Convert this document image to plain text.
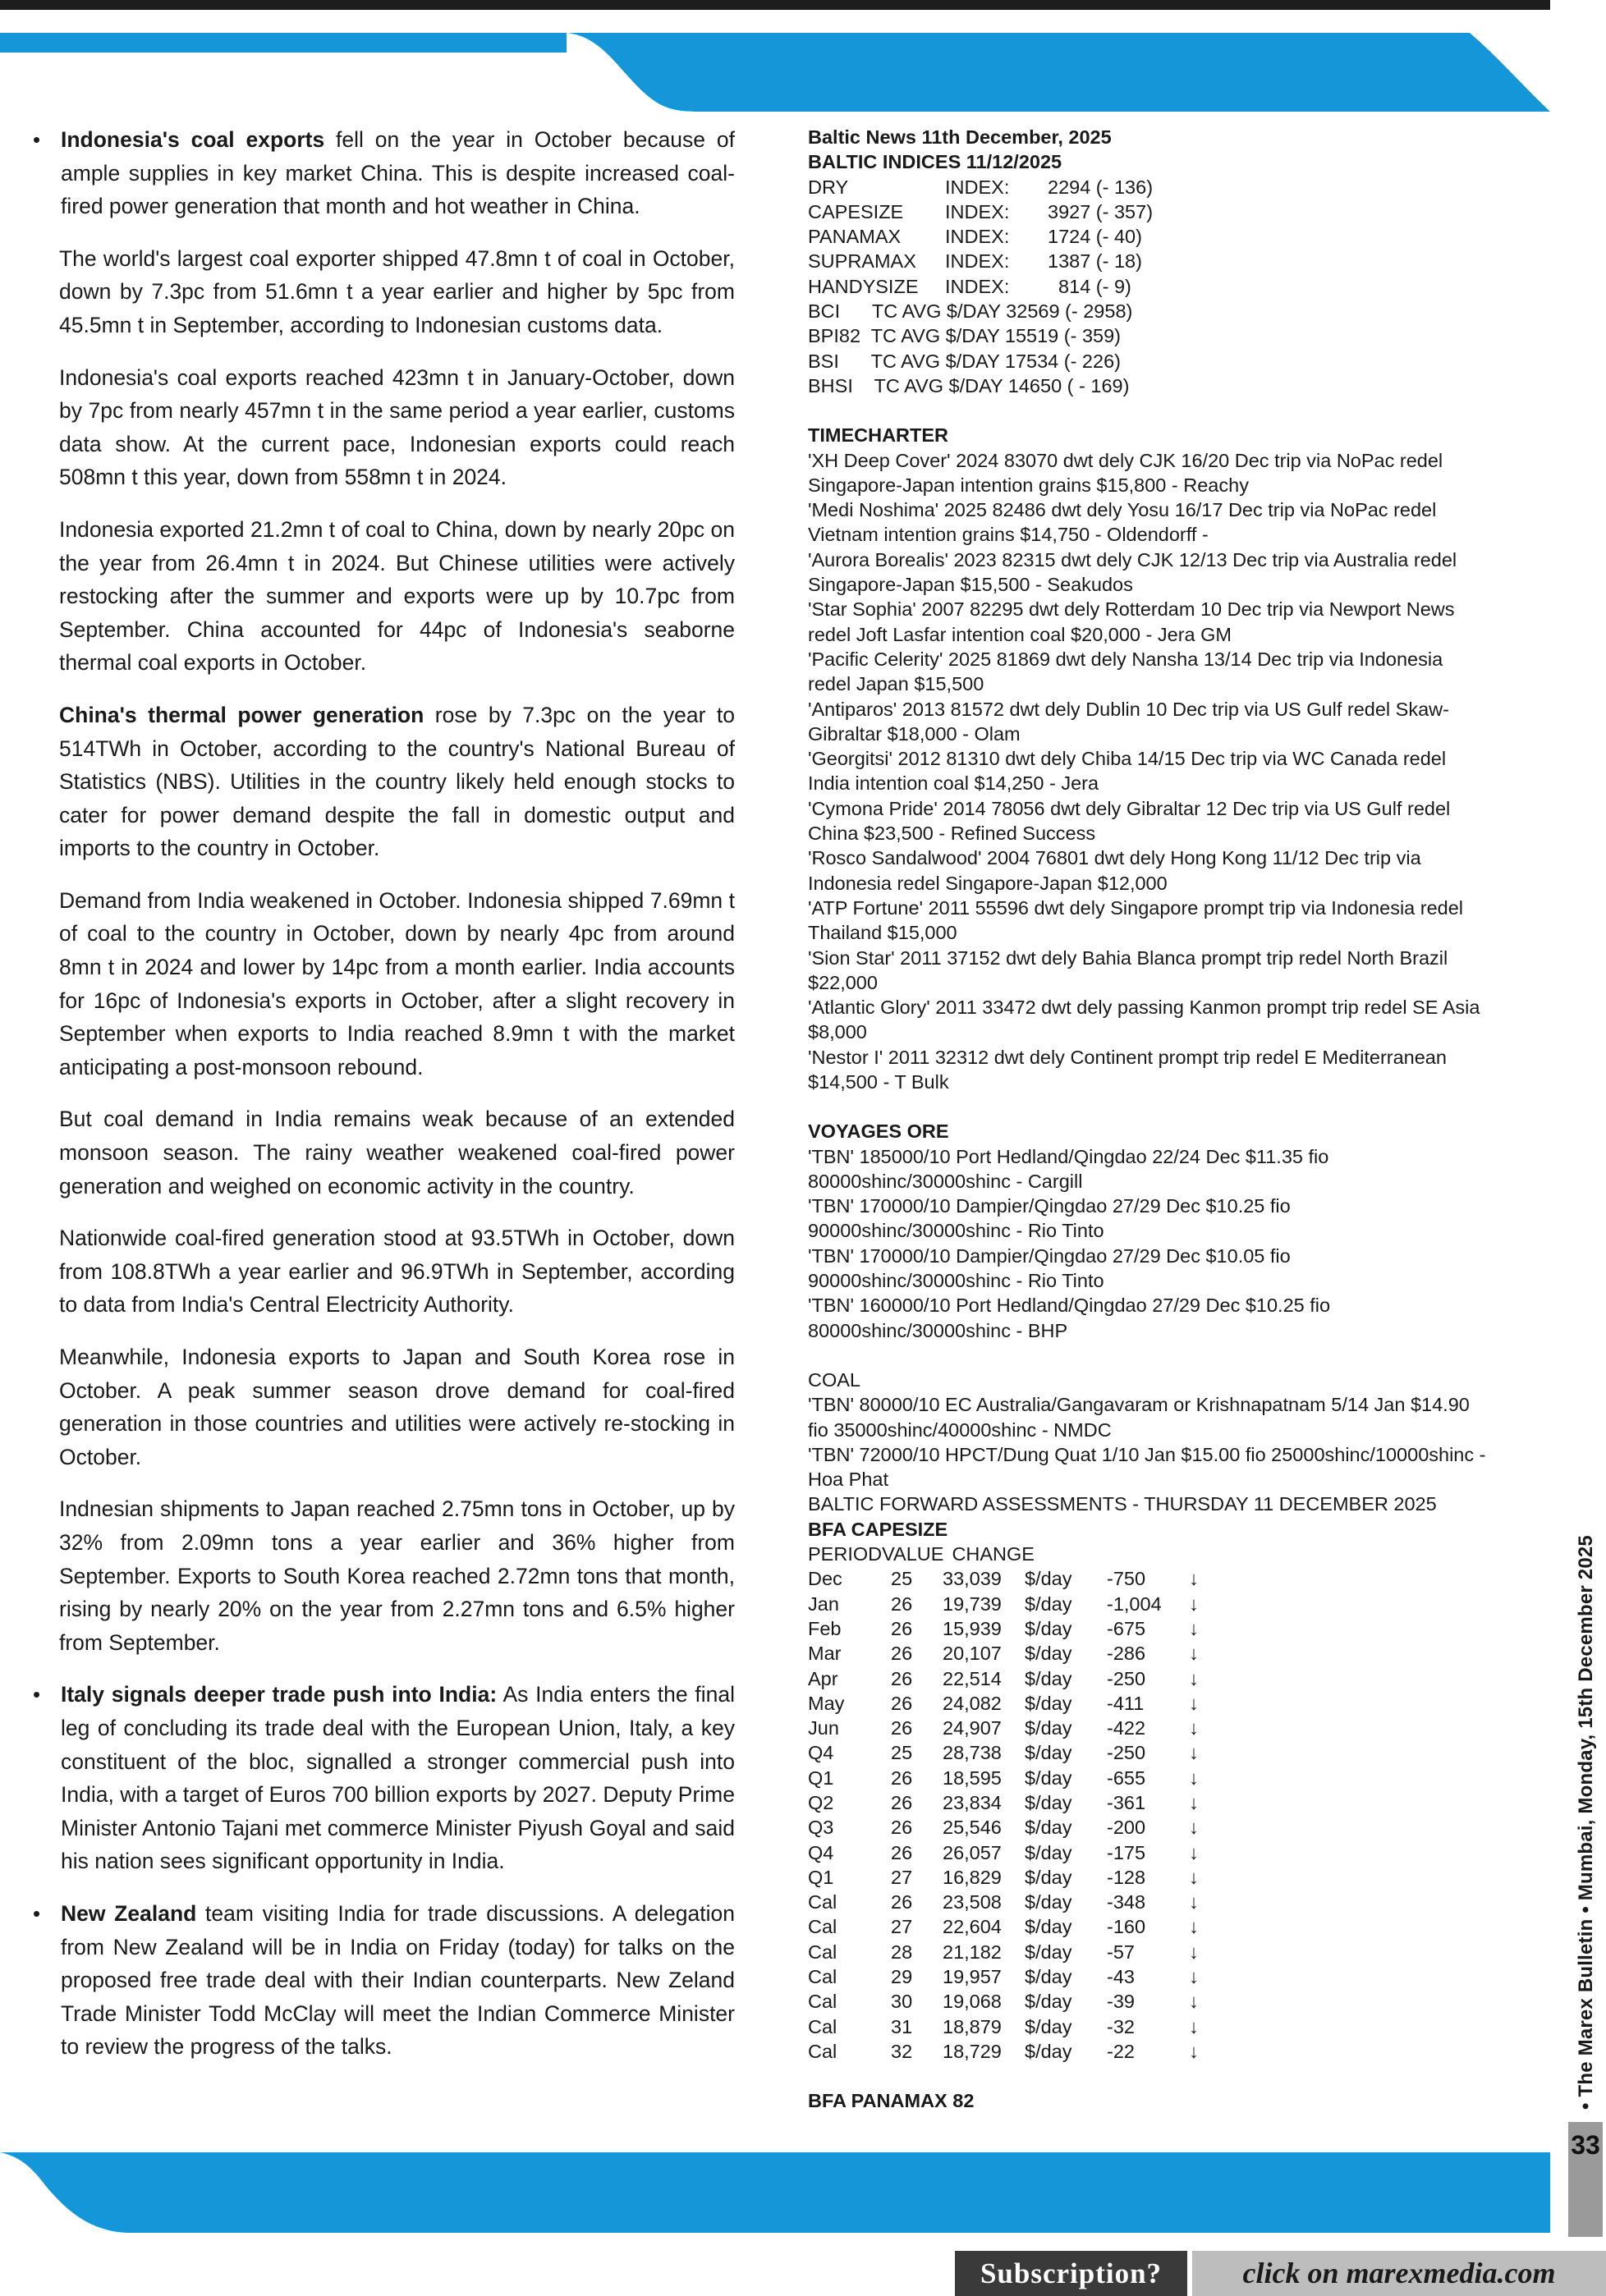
• Indonesia's coal exports fell on the year in October because of ample supplies in key market China. This is despite increased coal-fired power generation that month and hot weather in China.

The world's largest coal exporter shipped 47.8mn t of coal in October, down by 7.3pc from 51.6mn t a year earlier and higher by 5pc from 45.5mn t in September, according to Indonesian customs data.

Indonesia's coal exports reached 423mn t in January-October, down by 7pc from nearly 457mn t in the same period a year earlier, customs data show. At the current pace, Indonesian exports could reach 508mn t this year, down from 558mn t in 2024.

Indonesia exported 21.2mn t of coal to China, down by nearly 20pc on the year from 26.4mn t in 2024. But Chinese utilities were actively restocking after the summer and exports were up by 10.7pc from September. China accounted for 44pc of Indonesia's seaborne thermal coal exports in October.

China's thermal power generation rose by 7.3pc on the year to 514TWh in October, according to the country's National Bureau of Statistics (NBS). Utilities in the country likely held enough stocks to cater for power demand despite the fall in domestic output and imports to the country in October.

Demand from India weakened in October. Indonesia shipped 7.69mn t of coal to the country in October, down by nearly 4pc from around 8mn t in 2024 and lower by 14pc from a month earlier. India accounts for 16pc of Indonesia's exports in October, after a slight recovery in September when exports to India reached 8.9mn t with the market anticipating a post-monsoon rebound.

But coal demand in India remains weak because of an extended monsoon season. The rainy weather weakened coal-fired power generation and weighed on economic activity in the country.

Nationwide coal-fired generation stood at 93.5TWh in October, down from 108.8TWh a year earlier and 96.9TWh in September, according to data from India's Central Electricity Authority.

Meanwhile, Indonesia exports to Japan and South Korea rose in October. A peak summer season drove demand for coal-fired generation in those countries and utilities were actively re-stocking in October.

Indnesian shipments to Japan reached 2.75mn tons in October, up by 32% from 2.09mn tons a year earlier and 36% higher from September. Exports to South Korea reached 2.72mn tons that month, rising by nearly 20% on the year from 2.27mn tons and 6.5% higher from September.

• Italy signals deeper trade push into India: As India enters the final leg of concluding its trade deal with the European Union, Italy, a key constituent of the bloc, signalled a stronger commercial push into India, with a target of Euros 700 billion exports by 2027. Deputy Prime Minister Antonio Tajani met commerce Minister Piyush Goyal and said his nation sees significant opportunity in India.
• New Zealand team visiting India for trade discussions. A delegation from New Zealand will be in India on Friday (today) for talks on the proposed free trade deal with their Indian counterparts. New Zeland Trade Minister Todd McClay will meet the Indian Commerce Minister to review the progress of the talks.
Baltic News 11th December, 2025
BALTIC INDICES 11/12/2025
DRY	INDEX:	2294 (- 136)
CAPESIZE	INDEX:	3927 (- 357)
PANAMAX	INDEX:	1724 (- 40)
SUPRAMAX	INDEX:	1387 (- 18)
HANDYSIZE	INDEX:	814 (- 9)
BCI      TC AVG $/DAY 32569 (- 2958)
BPI82  TC AVG $/DAY 15519 (- 359)
BSI      TC AVG $/DAY 17534 (- 226)
BHSI    TC AVG $/DAY 14650 ( - 169)
TIMECHARTER
'XH Deep Cover' 2024 83070 dwt dely CJK 16/20 Dec trip via NoPac redel
Singapore-Japan intention grains $15,800 - Reachy
'Medi Noshima' 2025 82486 dwt dely Yosu 16/17 Dec trip via NoPac redel
Vietnam intention grains $14,750 - Oldendorff -
'Aurora Borealis' 2023 82315 dwt dely CJK 12/13 Dec trip via Australia redel
Singapore-Japan $15,500 - Seakudos
'Star Sophia' 2007 82295 dwt dely Rotterdam 10 Dec trip via Newport News
redel Joft Lasfar intention coal $20,000 - Jera GM
'Pacific Celerity' 2025 81869 dwt dely Nansha 13/14 Dec trip via Indonesia
redel Japan $15,500
'Antiparos' 2013 81572 dwt dely Dublin 10 Dec trip via US Gulf redel Skaw-
Gibraltar $18,000 - Olam
'Georgitsi' 2012 81310 dwt dely Chiba 14/15 Dec trip via WC Canada redel
India intention coal $14,250 - Jera
'Cymona Pride' 2014 78056 dwt dely Gibraltar 12 Dec trip via US Gulf redel
China $23,500 - Refined Success
'Rosco Sandalwood' 2004 76801 dwt dely Hong Kong 11/12 Dec trip via
Indonesia redel Singapore-Japan $12,000
'ATP Fortune' 2011 55596 dwt dely Singapore prompt trip via Indonesia redel
Thailand $15,000
'Sion Star' 2011 37152 dwt dely Bahia Blanca prompt trip redel North Brazil
$22,000
'Atlantic Glory' 2011 33472 dwt dely passing Kanmon prompt trip redel SE Asia
$8,000
'Nestor I' 2011 32312 dwt dely Continent prompt trip redel E Mediterranean
$14,500 - T Bulk
VOYAGES ORE
'TBN' 185000/10 Port Hedland/Qingdao 22/24 Dec $11.35 fio
80000shinc/30000shinc - Cargill
'TBN' 170000/10 Dampier/Qingdao 27/29 Dec $10.25 fio
90000shinc/30000shinc - Rio Tinto
'TBN' 170000/10 Dampier/Qingdao 27/29 Dec $10.05 fio
90000shinc/30000shinc - Rio Tinto
'TBN' 160000/10 Port Hedland/Qingdao 27/29 Dec $10.25 fio
80000shinc/30000shinc - BHP
COAL
'TBN' 80000/10 EC Australia/Gangavaram or Krishnapatnam 5/14 Jan $14.90
fio 35000shinc/40000shinc - NMDC
'TBN' 72000/10 HPCT/Dung Quat 1/10 Jan $15.00 fio 25000shinc/10000shinc -
Hoa Phat
BALTIC FORWARD ASSESSMENTS - THURSDAY 11 DECEMBER 2025
BFA CAPESIZE
PERIOD VALUE CHANGE
Dec	25	33,039	$/day	-750	↓
Jan	26	19,739	$/day	-1,004	↓
Feb	26	15,939	$/day	-675	↓
Mar	26	20,107	$/day	-286	↓
Apr	26	22,514	$/day	-250	↓
May	26	24,082	$/day	-411	↓
Jun	26	24,907	$/day	-422	↓
Q4	25	28,738	$/day	-250	↓
Q1	26	18,595	$/day	-655	↓
Q2	26	23,834	$/day	-361	↓
Q3	26	25,546	$/day	-200	↓
Q4	26	26,057	$/day	-175	↓
Q1	27	16,829	$/day	-128	↓
Cal	26	23,508	$/day	-348	↓
Cal	27	22,604	$/day	-160	↓
Cal	28	21,182	$/day	-57	↓
Cal	29	19,957	$/day	-43	↓
Cal	30	19,068	$/day	-39	↓
Cal	31	18,879	$/day	-32	↓
Cal	32	18,729	$/day	-22	↓
BFA PANAMAX 82	• The Marex Bulletin • Mumbai, Monday, 15th December 2025
33
Subscription?	click on marexmedia.com
